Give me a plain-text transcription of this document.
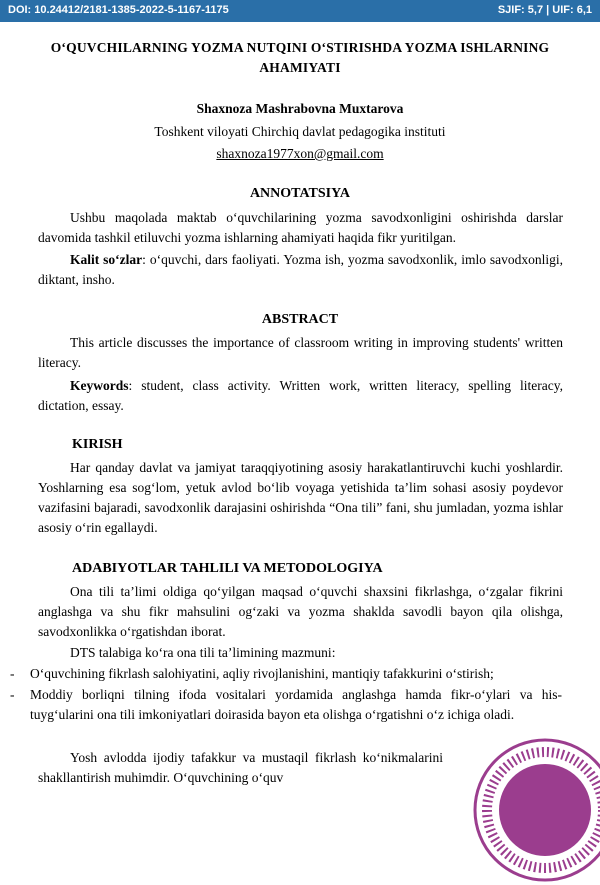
DOI: 10.24412/2181-1385-2022-5-1167-1175	SJIF: 5,7 | UIF: 6,1
O‘QUVCHILARNING YOZMA NUTQINI O‘STIRISHDA YOZMA ISHLARNING AHAMIYATI
Shaxnoza Mashrabovna Muxtarova
Toshkent viloyati Chirchiq davlat pedagogika instituti
shaxnoza1977xon@gmail.com
ANNOTATSIYA

Ushbu maqolada maktab o‘quvchilarining yozma savodxonligini oshirishda darslar davomida tashkil etiluvchi yozma ishlarning ahamiyati haqida fikr yuritilgan.

Kalit so‘zlar: o‘quvchi, dars faoliyati. Yozma ish, yozma savodxonlik, imlo savodxonligi, diktant, insho.

ABSTRACT

This article discusses the importance of classroom writing in improving students' written literacy.

Keywords: student, class activity. Written work, written literacy, spelling literacy, dictation, essay.

KIRISH

Har qanday davlat va jamiyat taraqqiyotining asosiy harakatlantiruvchi kuchi yoshlardir. Yoshlarning esa sog‘lom, yetuk avlod bo‘lib voyaga yetishida ta’lim sohasi asosiy poydevor vazifasini bajaradi, savodxonlik darajasini oshirishda “Ona tili” fani, shu jumladan, yozma ishlar asosiy o‘rin egallaydi.

ADABIYOTLAR TAHLILI VA METODOLOGIYA

Ona tili ta’limi oldiga qo‘yilgan maqsad o‘quvchi shaxsini fikrlashga, o‘zgalar fikrini anglashga va shu fikr mahsulini og‘zaki va yozma shaklda savodli bayon qila olishga, savodxonlikka o‘rgatishdan iborat.

DTS talabiga ko‘ra ona tili ta’limining mazmuni:

- O‘quvchining fikrlash salohiyatini, aqliy rivojlanishini, mantiqiy tafakkurini o‘stirish;
- Moddiy borliqni tilning ifoda vositalari yordamida anglashga hamda fikr-o‘ylari va his-tuyg‘ularini ona tili imkoniyatlari doirasida bayon eta olishga o‘rgatishni o‘z ichiga oladi.

Yosh avlodda ijodiy tafakkur va mustaqil fikrlash ko‘nikmalarini shakllantirish muhimdir. O‘quvchining o‘quv
